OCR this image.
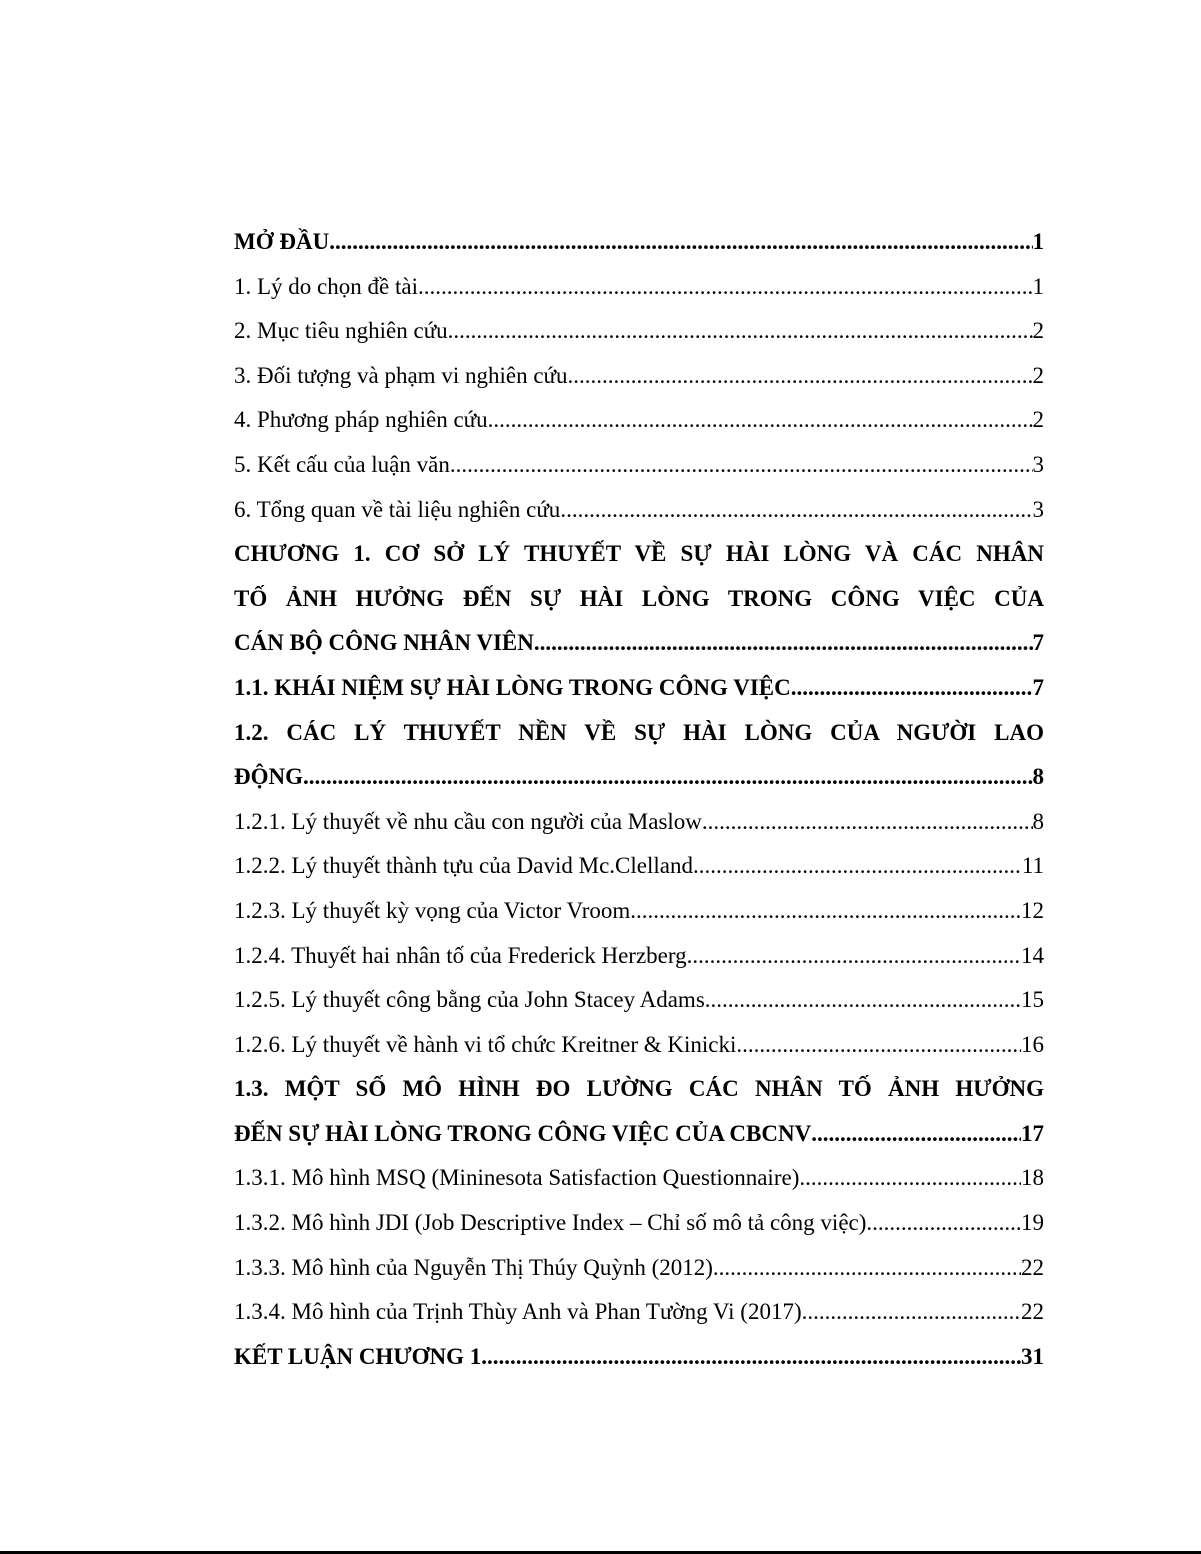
MỞ ĐẦU .....	1
1. Lý do chọn đề tài .....	1
2. Mục tiêu nghiên cứu .....	2
3. Đối tượng và phạm vi nghiên cứu .....	2
4. Phương pháp nghiên cứu .....	2
5. Kết cấu của luận văn .....	3
6. Tổng quan về tài liệu nghiên cứu .....	3
CHƯƠNG 1. CƠ SỞ LÝ THUYẾT VỀ SỰ HÀI LÒNG VÀ CÁC NHÂN
TỐ ẢNH HƯỞNG ĐẾN SỰ HÀI LÒNG TRONG CÔNG VIỆC CỦA
CÁN BỘ CÔNG NHÂN VIÊN .....	7
1.1. KHÁI NIỆM SỰ HÀI LÒNG TRONG CÔNG VIỆC .....	7
1.2. CÁC LÝ THUYẾT NỀN VỀ SỰ HÀI LÒNG CỦA NGƯỜI LAO
ĐỘNG .....	8
1.2.1. Lý thuyết về nhu cầu con người của Maslow .....	8
1.2.2. Lý thuyết thành tựu của David Mc.Clelland .....	11
1.2.3. Lý thuyết kỳ vọng của Victor Vroom .....	12
1.2.4. Thuyết hai nhân tố của Frederick Herzberg .....	14
1.2.5. Lý thuyết công bằng của John Stacey Adams .....	15
1.2.6. Lý thuyết về hành vi tổ chức Kreitner & Kinicki .....	16
1.3. MỘT SỐ MÔ HÌNH ĐO LƯỜNG CÁC NHÂN TỐ ẢNH HƯỞNG
ĐẾN SỰ HÀI LÒNG TRONG CÔNG VIỆC CỦA CBCNV .....	17
1.3.1. Mô hình MSQ (Mininesota Satisfaction Questionnaire) .....	18
1.3.2. Mô hình JDI (Job Descriptive Index – Chỉ số mô tả công việc) .....	19
1.3.3. Mô hình của Nguyễn Thị Thúy Quỳnh (2012) .....	22
1.3.4. Mô hình của Trịnh Thùy Anh và Phan Tường Vi (2017) .....	22
KẾT LUẬN CHƯƠNG 1 .....	31
